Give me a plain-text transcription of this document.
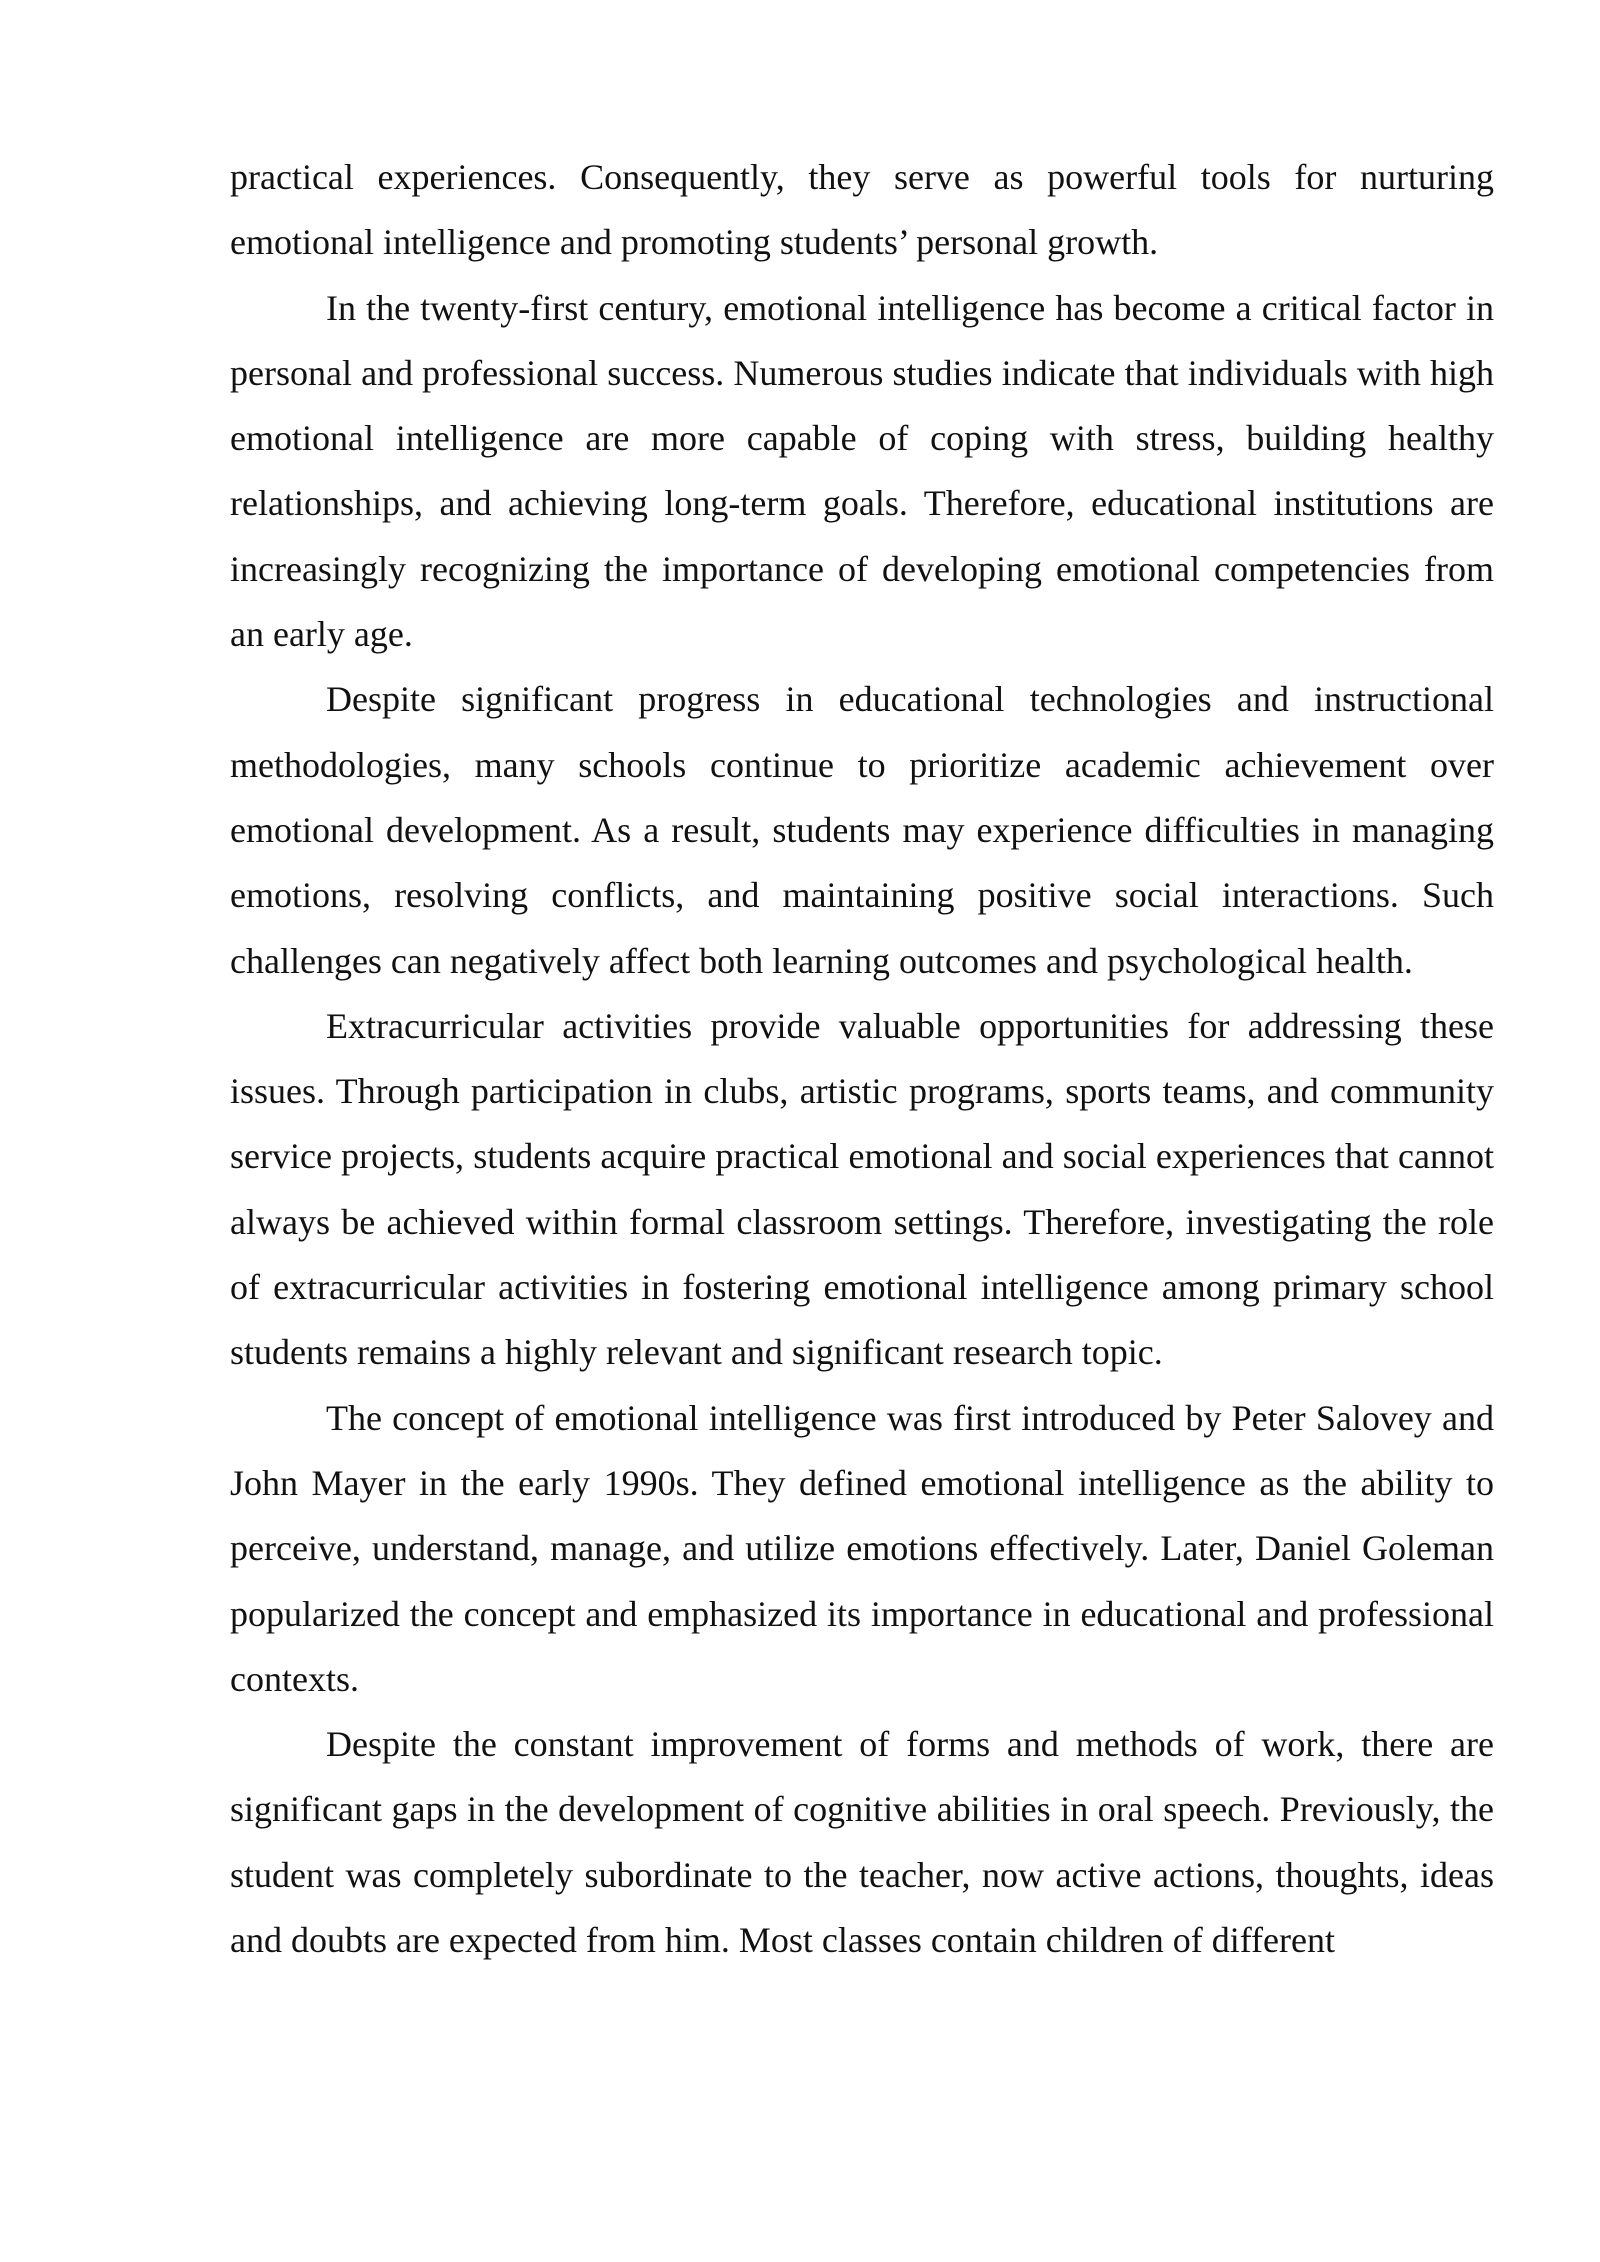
practical experiences. Consequently, they serve as powerful tools for nurturing emotional intelligence and promoting students’ personal growth.

In the twenty-first century, emotional intelligence has become a critical factor in personal and professional success. Numerous studies indicate that individuals with high emotional intelligence are more capable of coping with stress, building healthy relationships, and achieving long-term goals. Therefore, educational institutions are increasingly recognizing the importance of developing emotional competencies from an early age.

Despite significant progress in educational technologies and instructional methodologies, many schools continue to prioritize academic achievement over emotional development. As a result, students may experience difficulties in managing emotions, resolving conflicts, and maintaining positive social interactions. Such challenges can negatively affect both learning outcomes and psychological health.

Extracurricular activities provide valuable opportunities for addressing these issues. Through participation in clubs, artistic programs, sports teams, and community service projects, students acquire practical emotional and social experiences that cannot always be achieved within formal classroom settings. Therefore, investigating the role of extracurricular activities in fostering emotional intelligence among primary school students remains a highly relevant and significant research topic.

The concept of emotional intelligence was first introduced by Peter Salovey and John Mayer in the early 1990s. They defined emotional intelligence as the ability to perceive, understand, manage, and utilize emotions effectively. Later, Daniel Goleman popularized the concept and emphasized its importance in educational and professional contexts.

Despite the constant improvement of forms and methods of work, there are significant gaps in the development of cognitive abilities in oral speech. Previously, the student was completely subordinate to the teacher, now active actions, thoughts, ideas and doubts are expected from him. Most classes contain children of different
